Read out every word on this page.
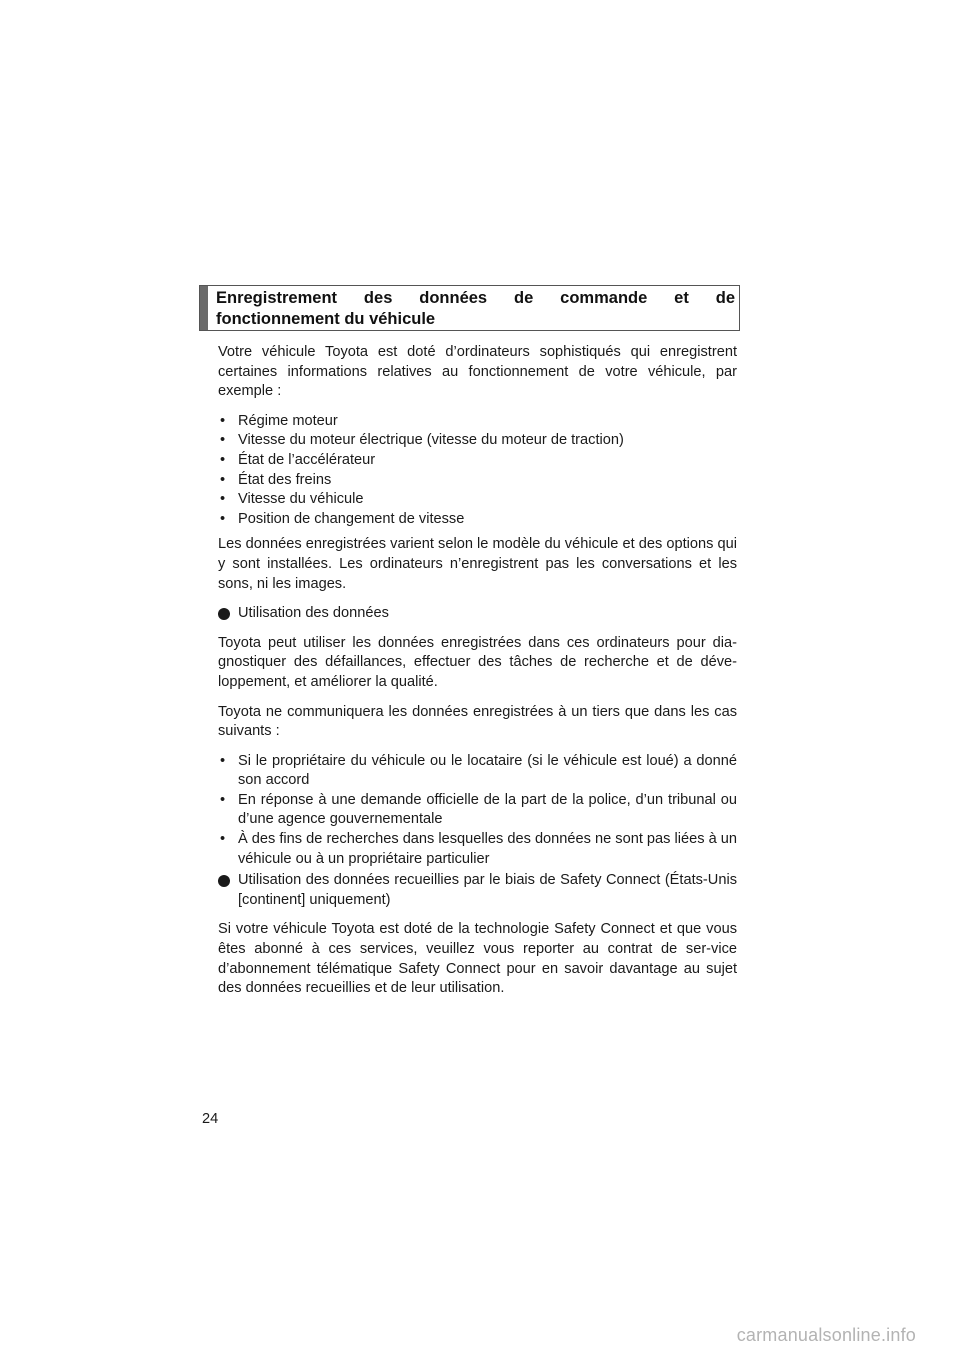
Enregistrement des données de commande et de
fonctionnement du véhicule

Votre véhicule Toyota est doté d’ordinateurs sophistiqués qui enregistrent certaines informations relatives au fonctionnement de votre véhicule, par exemple :

• Régime moteur
• Vitesse du moteur électrique (vitesse du moteur de traction)
• État de l’accélérateur
• État des freins
• Vitesse du véhicule
• Position de changement de vitesse

Les données enregistrées varient selon le modèle du véhicule et des options qui y sont installées. Les ordinateurs n’enregistrent pas les conversations et les sons, ni les images.

Utilisation des données

Toyota peut utiliser les données enregistrées dans ces ordinateurs pour dia-gnostiquer des défaillances, effectuer des tâches de recherche et de déve-loppement, et améliorer la qualité.

Toyota ne communiquera les données enregistrées à un tiers que dans les cas suivants :

• Si le propriétaire du véhicule ou le locataire (si le véhicule est loué) a donné son accord
• En réponse à une demande officielle de la part de la police, d’un tribunal ou d’une agence gouvernementale
• À des fins de recherches dans lesquelles des données ne sont pas liées à un véhicule ou à un propriétaire particulier
Utilisation des données recueillies par le biais de Safety Connect (États-Unis [continent] uniquement)

Si votre véhicule Toyota est doté de la technologie Safety Connect et que vous êtes abonné à ces services, veuillez vous reporter au contrat de ser-vice d’abonnement télématique Safety Connect pour en savoir davantage au sujet des données recueillies et de leur utilisation.

24
carmanualsonline.info
